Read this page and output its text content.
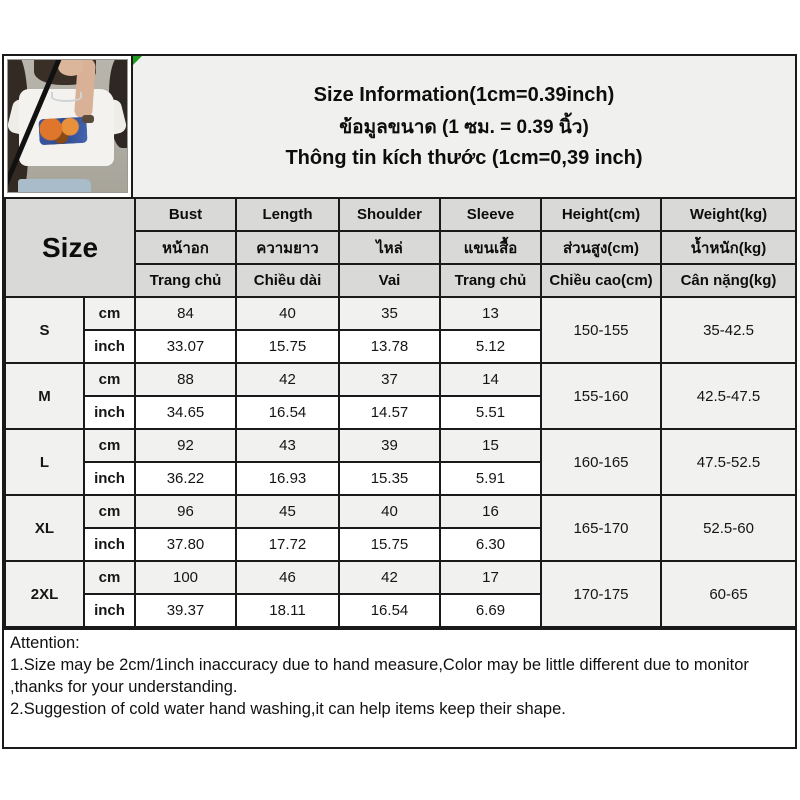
Size Information(1cm=0.39inch)
ข้อมูลขนาด (1 ซม. = 0.39 นิ้ว)
Thông tin kích thước (1cm=0,39 inch)
Size		Bust	Length	Shoulder	Sleeve	Height(cm)	Weight(kg)
		หน้าอก	ความยาว	ไหล่	แขนเสื้อ	ส่วนสูง(cm)	น้ำหนัก(kg)
		Trang chủ	Chiều dài	Vai	Trang chủ	Chiều cao(cm)	Cân nặng(kg)
S	cm	84	40	35	13	150-155	35-42.5
	inch	33.07	15.75	13.78	5.12		
M	cm	88	42	37	14	155-160	42.5-47.5
	inch	34.65	16.54	14.57	5.51		
L	cm	92	43	39	15	160-165	47.5-52.5
	inch	36.22	16.93	15.35	5.91		
XL	cm	96	45	40	16	165-170	52.5-60
	inch	37.80	17.72	15.75	6.30		
2XL	cm	100	46	42	17	170-175	60-65
	inch	39.37	18.11	16.54	6.69		
Attention:
1.Size may be 2cm/1inch inaccuracy due to hand measure,Color may be little different due to monitor ,thanks for your understanding.
2.Suggestion of cold water hand washing,it can help items keep their shape.
